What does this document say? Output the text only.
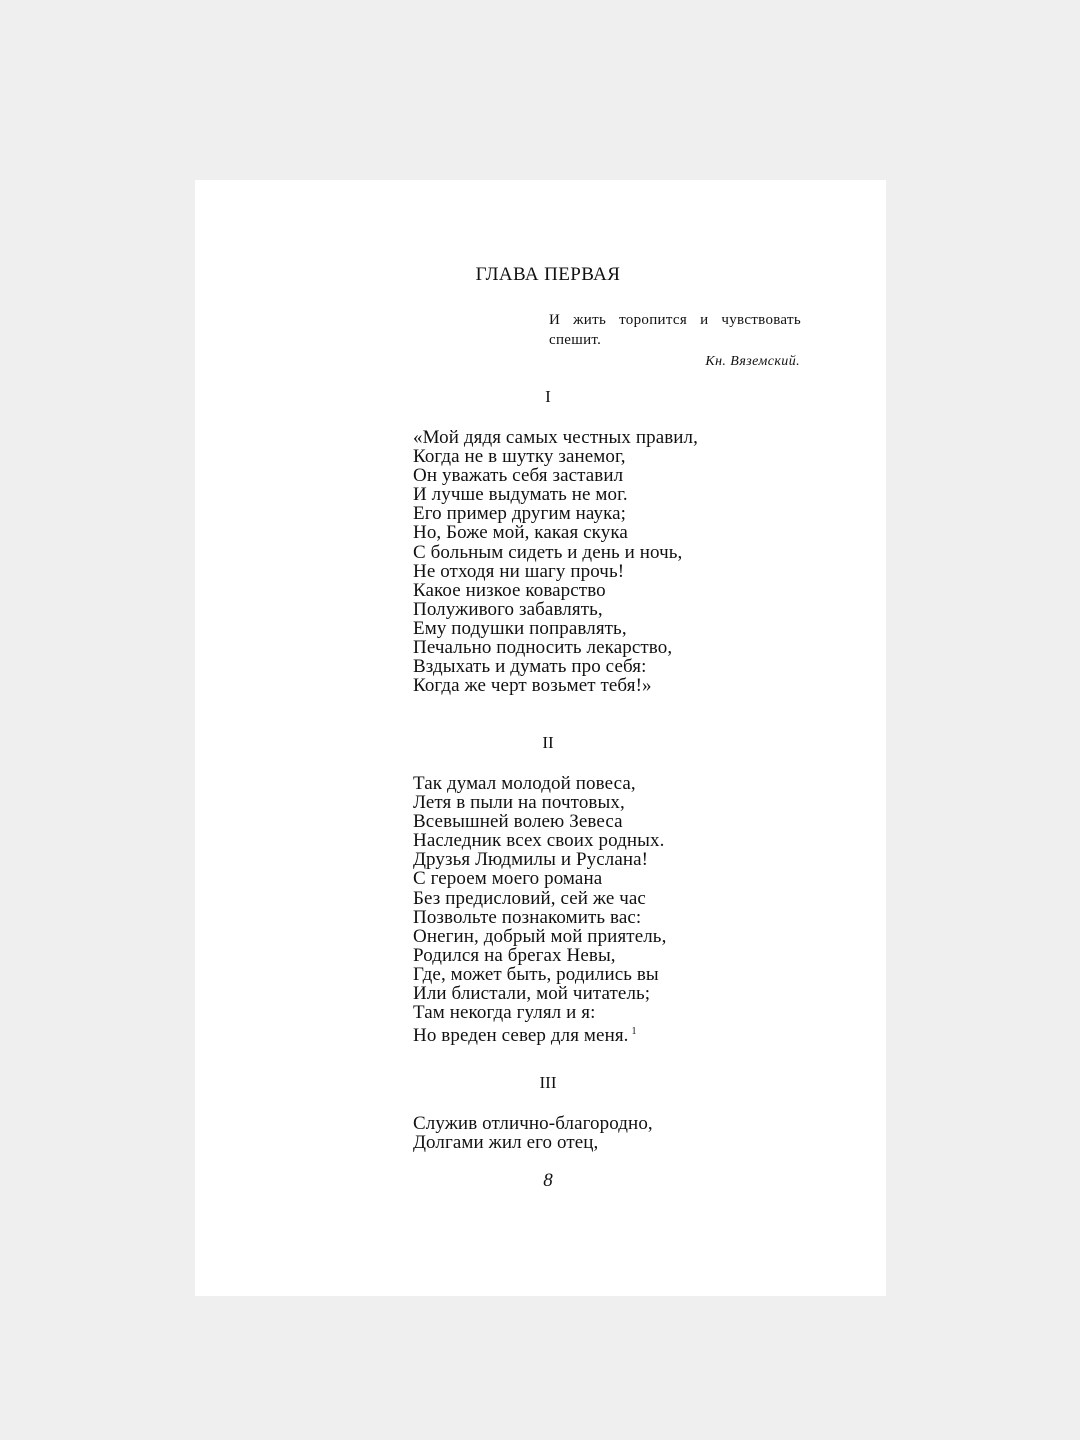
ГЛАВА ПЕРВАЯ
И жить торопится и чувствовать спешит.
Кн. Вяземский.
I
«Мой дядя самых честных правил,
Когда не в шутку занемог,
Он уважать себя заставил
И лучше выдумать не мог.
Его пример другим наука;
Но, Боже мой, какая скука
С больным сидеть и день и ночь,
Не отходя ни шагу прочь!
Какое низкое коварство
Полуживого забавлять,
Ему подушки поправлять,
Печально подносить лекарство,
Вздыхать и думать про себя:
Когда же черт возьмет тебя!»
II
Так думал молодой повеса,
Летя в пыли на почтовых,
Всевышней волею Зевеса
Наследник всех своих родных.
Друзья Людмилы и Руслана!
С героем моего романа
Без предисловий, сей же час
Позвольте познакомить вас:
Онегин, добрый мой приятель,
Родился на брегах Невы,
Где, может быть, родились вы
Или блистали, мой читатель;
Там некогда гулял и я:
Но вреден север для меня. $^1$
III
Служив отлично-благородно,
Долгами жил его отец,
8
